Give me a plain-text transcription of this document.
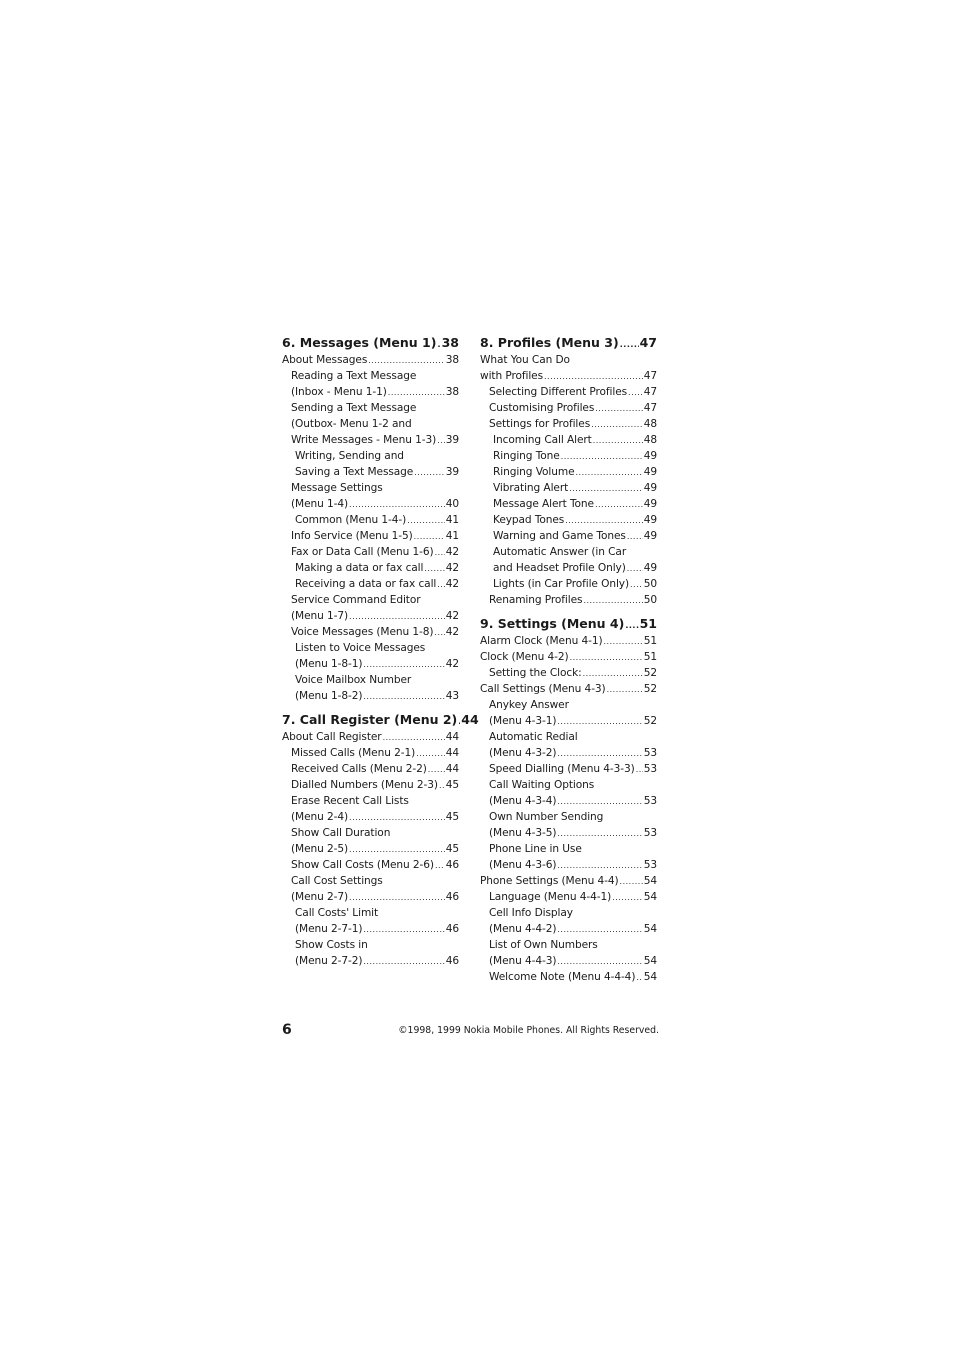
6. Messages (Menu 1) ..... 38
About Messages .....	38
Reading a Text Message
(Inbox - Menu 1-1) .....	38
Sending a Text Message
(Outbox- Menu 1-2 and
Write Messages - Menu 1-3) ..... 39
Writing, Sending and
Saving a Text Message .....	39
Message Settings
(Menu 1-4) .....	40
Common (Menu 1-4-) .....	41
Info Service (Menu 1-5) .....	41
Fax or Data Call (Menu 1-6) ..... 42
Making a data or fax call ..... 42
Receiving a data or fax call ..... 42
Service Command Editor
(Menu 1-7) .....	42
Voice Messages (Menu 1-8) ..... 42
Listen to Voice Messages
(Menu 1-8-1) .....	42
Voice Mailbox Number
(Menu 1-8-2) .....	43
7. Call Register (Menu 2) ..... 44
About Call Register .....	44
Missed Calls (Menu 2-1) .....	44
Received Calls (Menu 2-2) ..... 44
Dialled Numbers (Menu 2-3) ..... 45
Erase Recent Call Lists
(Menu 2-4) .....	45
Show Call Duration
(Menu 2-5) .....	45
Show Call Costs (Menu 2-6) ..... 46
Call Cost Settings
(Menu 2-7) .....	46
Call Costs' Limit
(Menu 2-7-1) .....	46
Show Costs in
(Menu 2-7-2) .....	46
8. Profiles (Menu 3) ..... 47
What You Can Do
with Profiles .....	47
Selecting Different Profiles ..... 47
Customising Profiles .....	47
Settings for Profiles .....	48
Incoming Call Alert .....	48
Ringing Tone .....	49
Ringing Volume .....	49
Vibrating Alert .....	49
Message Alert Tone .....	49
Keypad Tones .....	49
Warning and Game Tones ..... 49
Automatic Answer (in Car
and Headset Profile Only) ..... 49
Lights (in Car Profile Only) ..... 50
Renaming Profiles .....	50
9. Settings (Menu 4) ..... 51
Alarm Clock (Menu 4-1) .....	51
Clock (Menu 4-2) .....	51
Setting the Clock: .....	52
Call Settings (Menu 4-3) .....	52
Anykey Answer
(Menu 4-3-1) .....	52
Automatic Redial
(Menu 4-3-2) .....	53
Speed Dialling (Menu 4-3-3) ..... 53
Call Waiting Options
(Menu 4-3-4) .....	53
Own Number Sending
(Menu 4-3-5) .....	53
Phone Line in Use
(Menu 4-3-6) .....	53
Phone Settings (Menu 4-4) ..... 54
Language (Menu 4-4-1) .....	54
Cell Info Display
(Menu 4-4-2) .....	54
List of Own Numbers
(Menu 4-4-3) .....	54
Welcome Note (Menu 4-4-4) ..... 54
6	©1998, 1999 Nokia Mobile Phones. All Rights Reserved.
